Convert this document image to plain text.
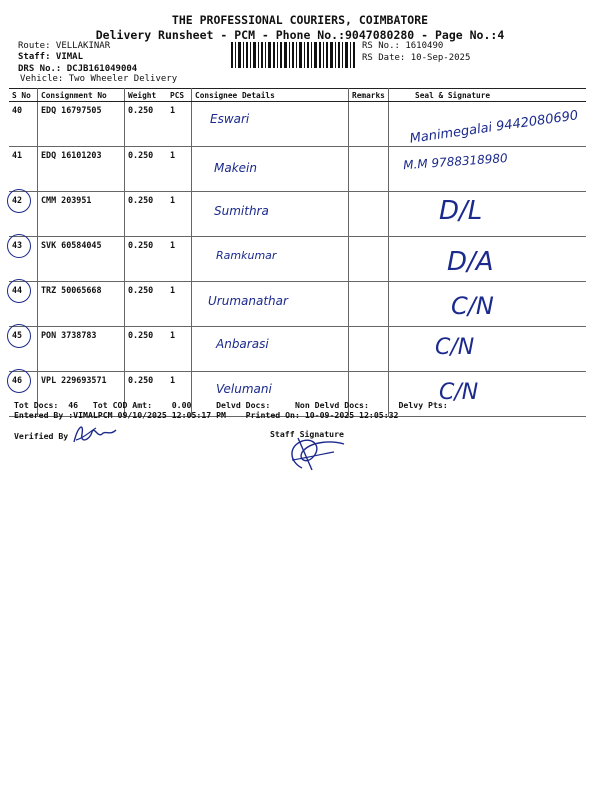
THE PROFESSIONAL COURIERS, COIMBATORE
Delivery Runsheet - PCM - Phone No.:9047080280 - Page No.:4
Route: VELLAKINAR
Staff: VIMAL
DRS No.: DCJB161049004
Vehicle: Two Wheeler Delivery
RS No.: 1610490
RS Date: 10-Sep-2025
S No	Consignment No	Weight	PCS	Consignee Details	Remarks	Seal & Signature
40	EDQ 16797505	0.250	1	Eswari		Manimegalai 9442080690

41	EDQ 16101203	0.250	1	Makein		M.M 9788318980

42	CMM 203951	0.250	1	Sumithra		D/L

43	SVK 60584045	0.250	1	Ramkumar		D/A

44	TRZ 50065668	0.250	1	Urumanathar		C/N

45	PON 3738783	0.250	1	Anbarasi		C/N

46	VPL 229693571	0.250	1	Velumani		C/N
Tot Docs:  46   Tot COD Amt:    0.00     Delvd Docs:     Non Delvd Docs:      Delvy Pts:
Entered By :VIMALPCM 09/10/2025 12:05:17 PM    Printed On: 10-09-2025 12:05:32
Verified By	Staff Signature
